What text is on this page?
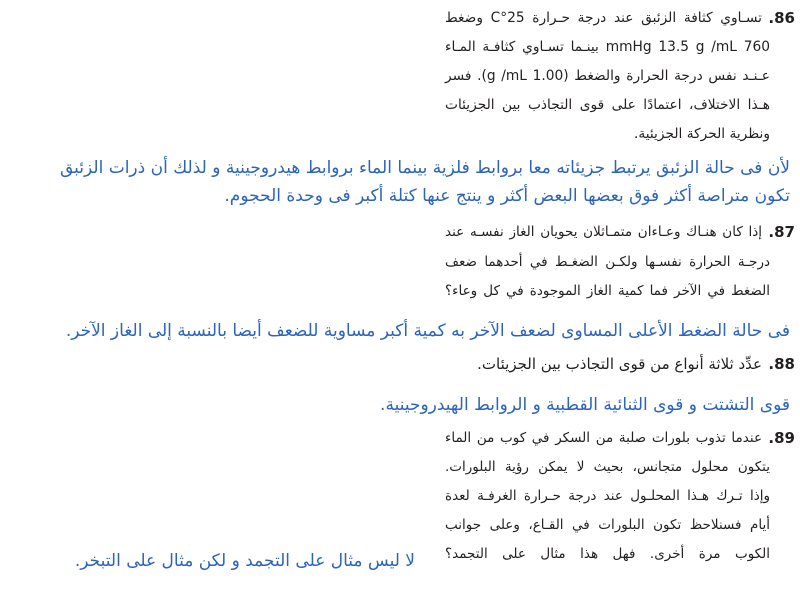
86.
تسـاوي كثافة الزئبق عند درجة حـرارة 25°C وضغط
760 mmHg 13.5 g /mL بينـما تسـاوي كثافـة المـاء
عـنـد نفس درجة الحرارة والضغط (1.00 g /mL). فسر
هـذا الاختلاف، اعتمادًا على قوى التجاذب بين الجزيئات
ونظرية الحركة الجزيئية.
لأن فى حالة الزئبق يرتبط جزيئاته معا بروابط فلزية بينما الماء بروابط هيدروجينية و لذلك أن ذرات الزئبق
تكون متراصة أكثر فوق بعضها البعض أكثر و ينتج عنها كتلة أكبر فى وحدة الحجوم.
87.
إذا كان هنـاك وعـاءان متمـاثلان يحويان الغاز نفسـه عند
درجـة الحرارة نفسـها ولكـن الضغـط في أحدهما ضعف
الضغط في الآخر فما كمية الغاز الموجودة في كل وعاء؟
فى حالة الضغط الأعلى المساوى لضعف الآخر به كمية أكبر مساوية للضعف أيضا بالنسبة إلى الغاز الآخر.
88.
عدِّد ثلاثة أنواع من قوى التجاذب بين الجزيئات.
قوى التشتت و قوى الثنائية القطبية و الروابط الهيدروجينية.
89.
عندما تذوب بلورات صلبة من السكر في كوب من الماء
يتكون محلول متجانس، بحيث لا يمكن رؤية البلورات.
وإذا تـرك هـذا المحلـول عند درجة حـرارة الغرفـة لعدة
أيام فسنلاحظ تكون البلورات في القـاع، وعلى جوانب
الكوب مرة أخرى. فهل هذا مثال على التجمد؟
لا ليس مثال على التجمد و لكن مثال على التبخر.
